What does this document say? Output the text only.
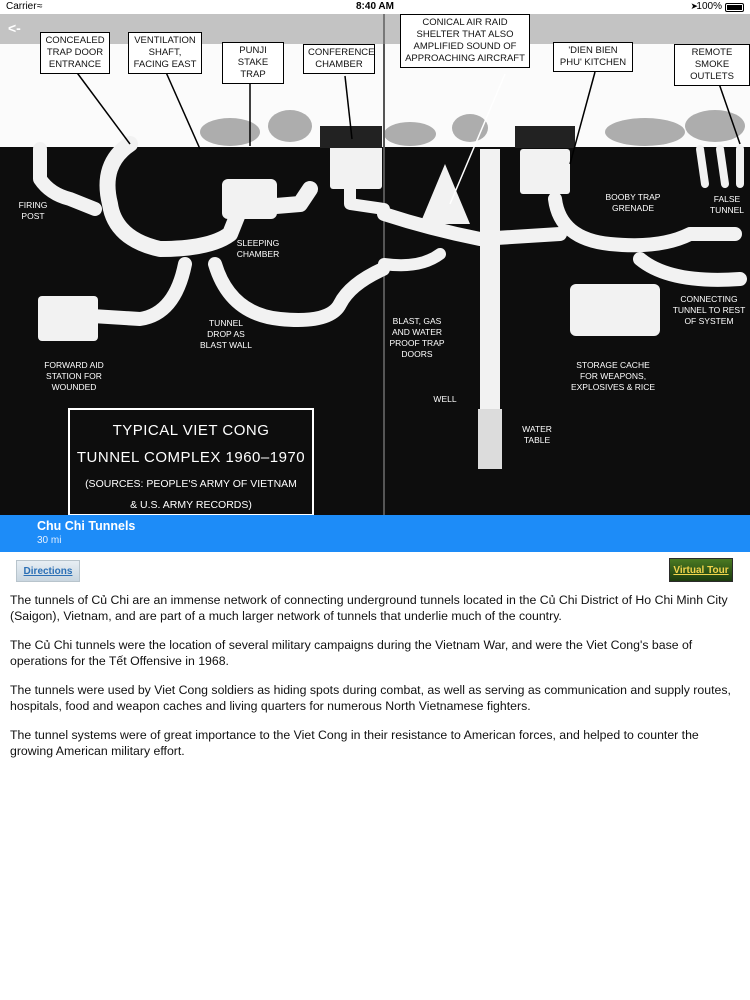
Carrier ≈	8:40 AM	➤
100%
<-
CONCEALED TRAP DOOR ENTRANCE
VENTILATION SHAFT, FACING EAST
PUNJI STAKE TRAP
CONFERENCE CHAMBER
CONICAL AIR RAID SHELTER THAT ALSO AMPLIFIED SOUND OF APPROACHING AIRCRAFT
'DIEN BIEN PHU' KITCHEN
REMOTE SMOKE OUTLETS
FIRING POST
SLEEPING CHAMBER
BOOBY TRAP GRENADE
FALSE TUNNEL
CONNECTING TUNNEL TO REST OF SYSTEM
TUNNEL DROP AS BLAST WALL
BLAST, GAS AND WATER PROOF TRAP DOORS
FORWARD AID STATION FOR WOUNDED
STORAGE CACHE FOR WEAPONS, EXPLOSIVES & RICE
WELL
WATER TABLE
TYPICAL VIET CONG
TUNNEL COMPLEX 1960–1970
(SOURCES: PEOPLE'S ARMY OF VIETNAM
& U.S. ARMY RECORDS)
Chu Chi Tunnels
30 mi
Directions	Virtual Tour

The tunnels of Củ Chi are an immense network of connecting underground tunnels located in the Củ Chi District of Ho Chi Minh City (Saigon), Vietnam, and are part of a much larger network of tunnels that underlie much of the country.

The Củ Chi tunnels were the location of several military campaigns during the Vietnam War, and were the Viet Cong's base of operations for the Tết Offensive in 1968.

The tunnels were used by Viet Cong soldiers as hiding spots during combat, as well as serving as communication and supply routes, hospitals, food and weapon caches and living quarters for numerous North Vietnamese fighters.

The tunnel systems were of great importance to the Viet Cong in their resistance to American forces, and helped to counter the growing American military effort.
